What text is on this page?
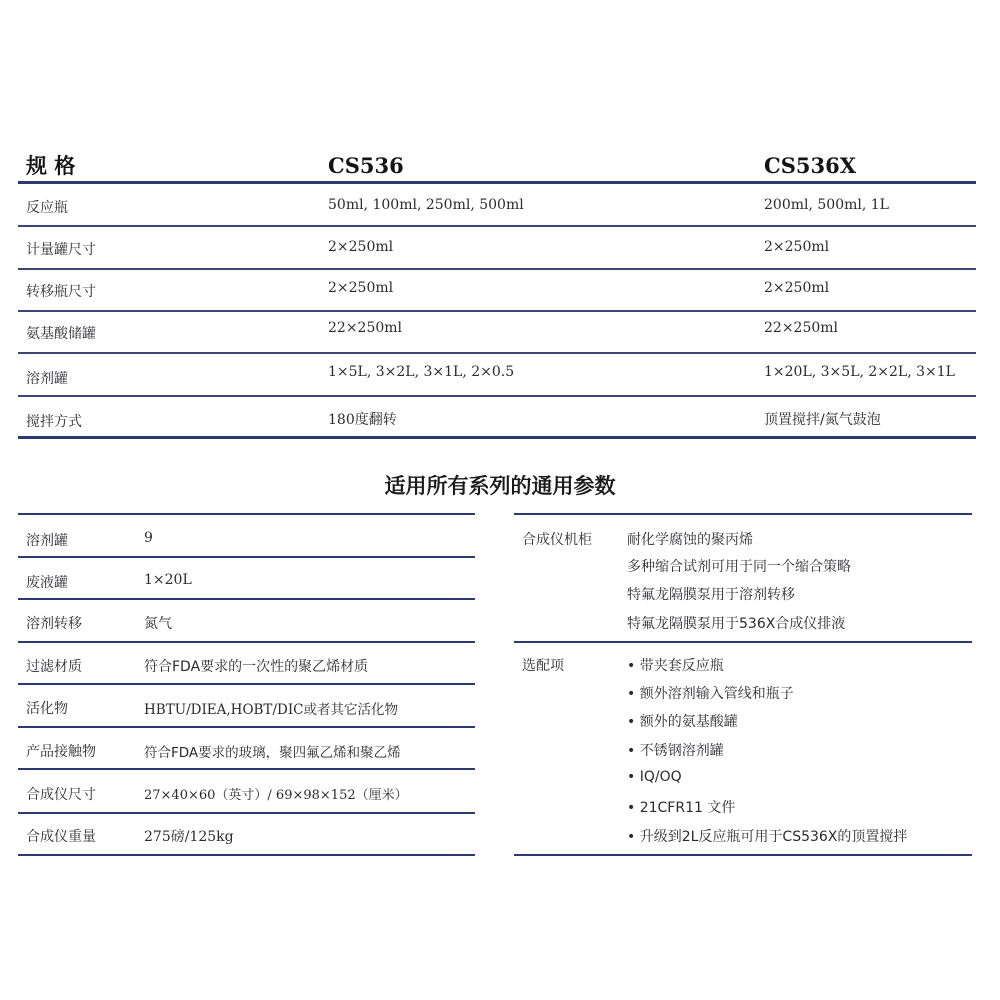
规 格	CS536	CS536X
反应瓶	50ml, 100ml, 250ml, 500ml	200ml, 500ml, 1L
计量罐尺寸	2×250ml	2×250ml
转移瓶尺寸	2×250ml	2×250ml
氨基酸储罐	22×250ml	22×250ml
溶剂罐	1×5L, 3×2L, 3×1L, 2×0.5	1×20L, 3×5L, 2×2L, 3×1L
搅拌方式	180度翻转	顶置搅拌/氮气鼓泡
适用所有系列的通用参数
溶剂罐	9
废液罐	1×20L
溶剂转移	氮气
过滤材质	符合FDA要求的一次性的聚乙烯材质
活化物	HBTU/DIEA,HOBT/DIC或者其它活化物
产品接触物	符合FDA要求的玻璃，聚四氟乙烯和聚乙烯
合成仪尺寸	27×40×60（英寸）/ 69×98×152（厘米）
合成仪重量	275磅/125kg
合成仪机柜	耐化学腐蚀的聚丙烯
多种缩合试剂可用于同一个缩合策略
特氟龙隔膜泵用于溶剂转移
特氟龙隔膜泵用于536X合成仪排液
选配项	• 带夹套反应瓶
• 额外溶剂输入管线和瓶子
• 额外的氨基酸罐
• 不锈钢溶剂罐
• IQ/OQ
• 21CFR11 文件
• 升级到2L反应瓶可用于CS536X的顶置搅拌
